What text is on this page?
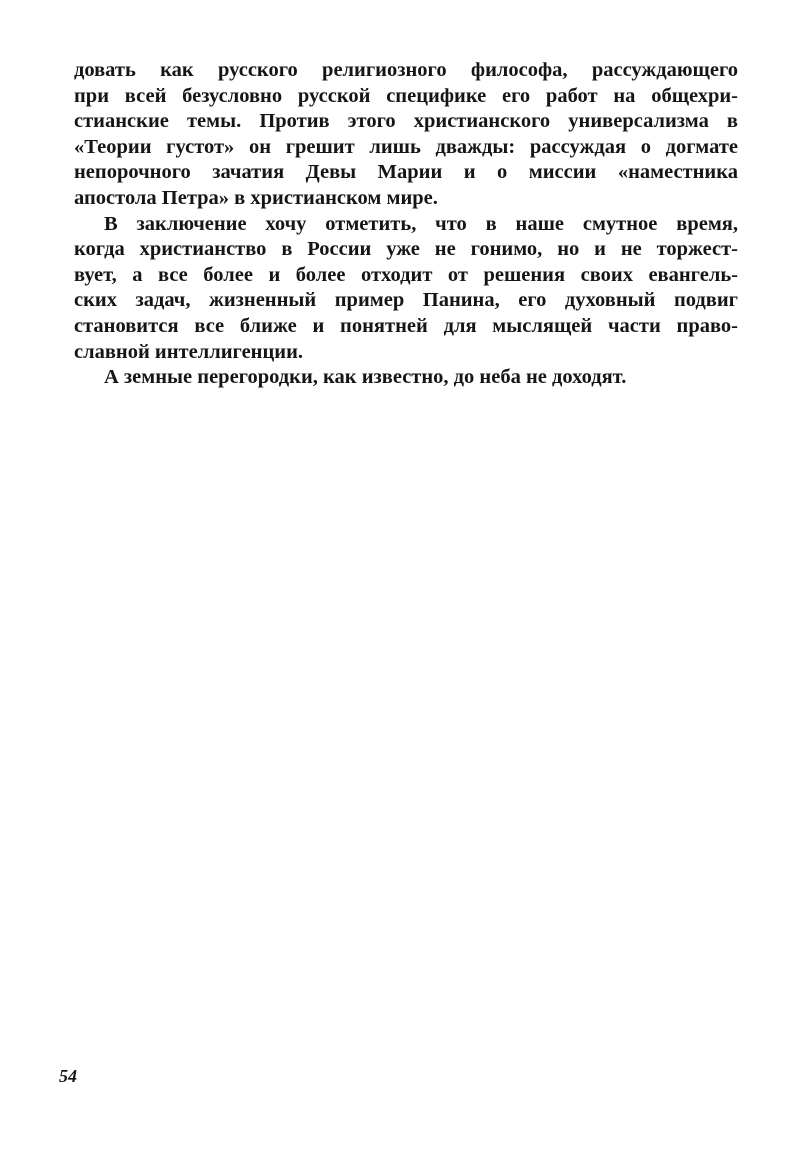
довать как русского религиозного философа, рассуждающего
при всей безусловно русской специфике его работ на общехри-
стианские темы. Против этого христианского универсализма в
«Теории густот» он грешит лишь дважды: рассуждая о догмате
непорочного зачатия Девы Марии и о миссии «наместника
апостола Петра» в христианском мире.
В заключение хочу отметить, что в наше смутное время,
когда христианство в России уже не гонимо, но и не торжест-
вует, а все более и более отходит от решения своих евангель-
ских задач, жизненный пример Панина, его духовный подвиг
становится все ближе и понятней для мыслящей части право-
славной интеллигенции.
А земные перегородки, как известно, до неба не доходят.
54
